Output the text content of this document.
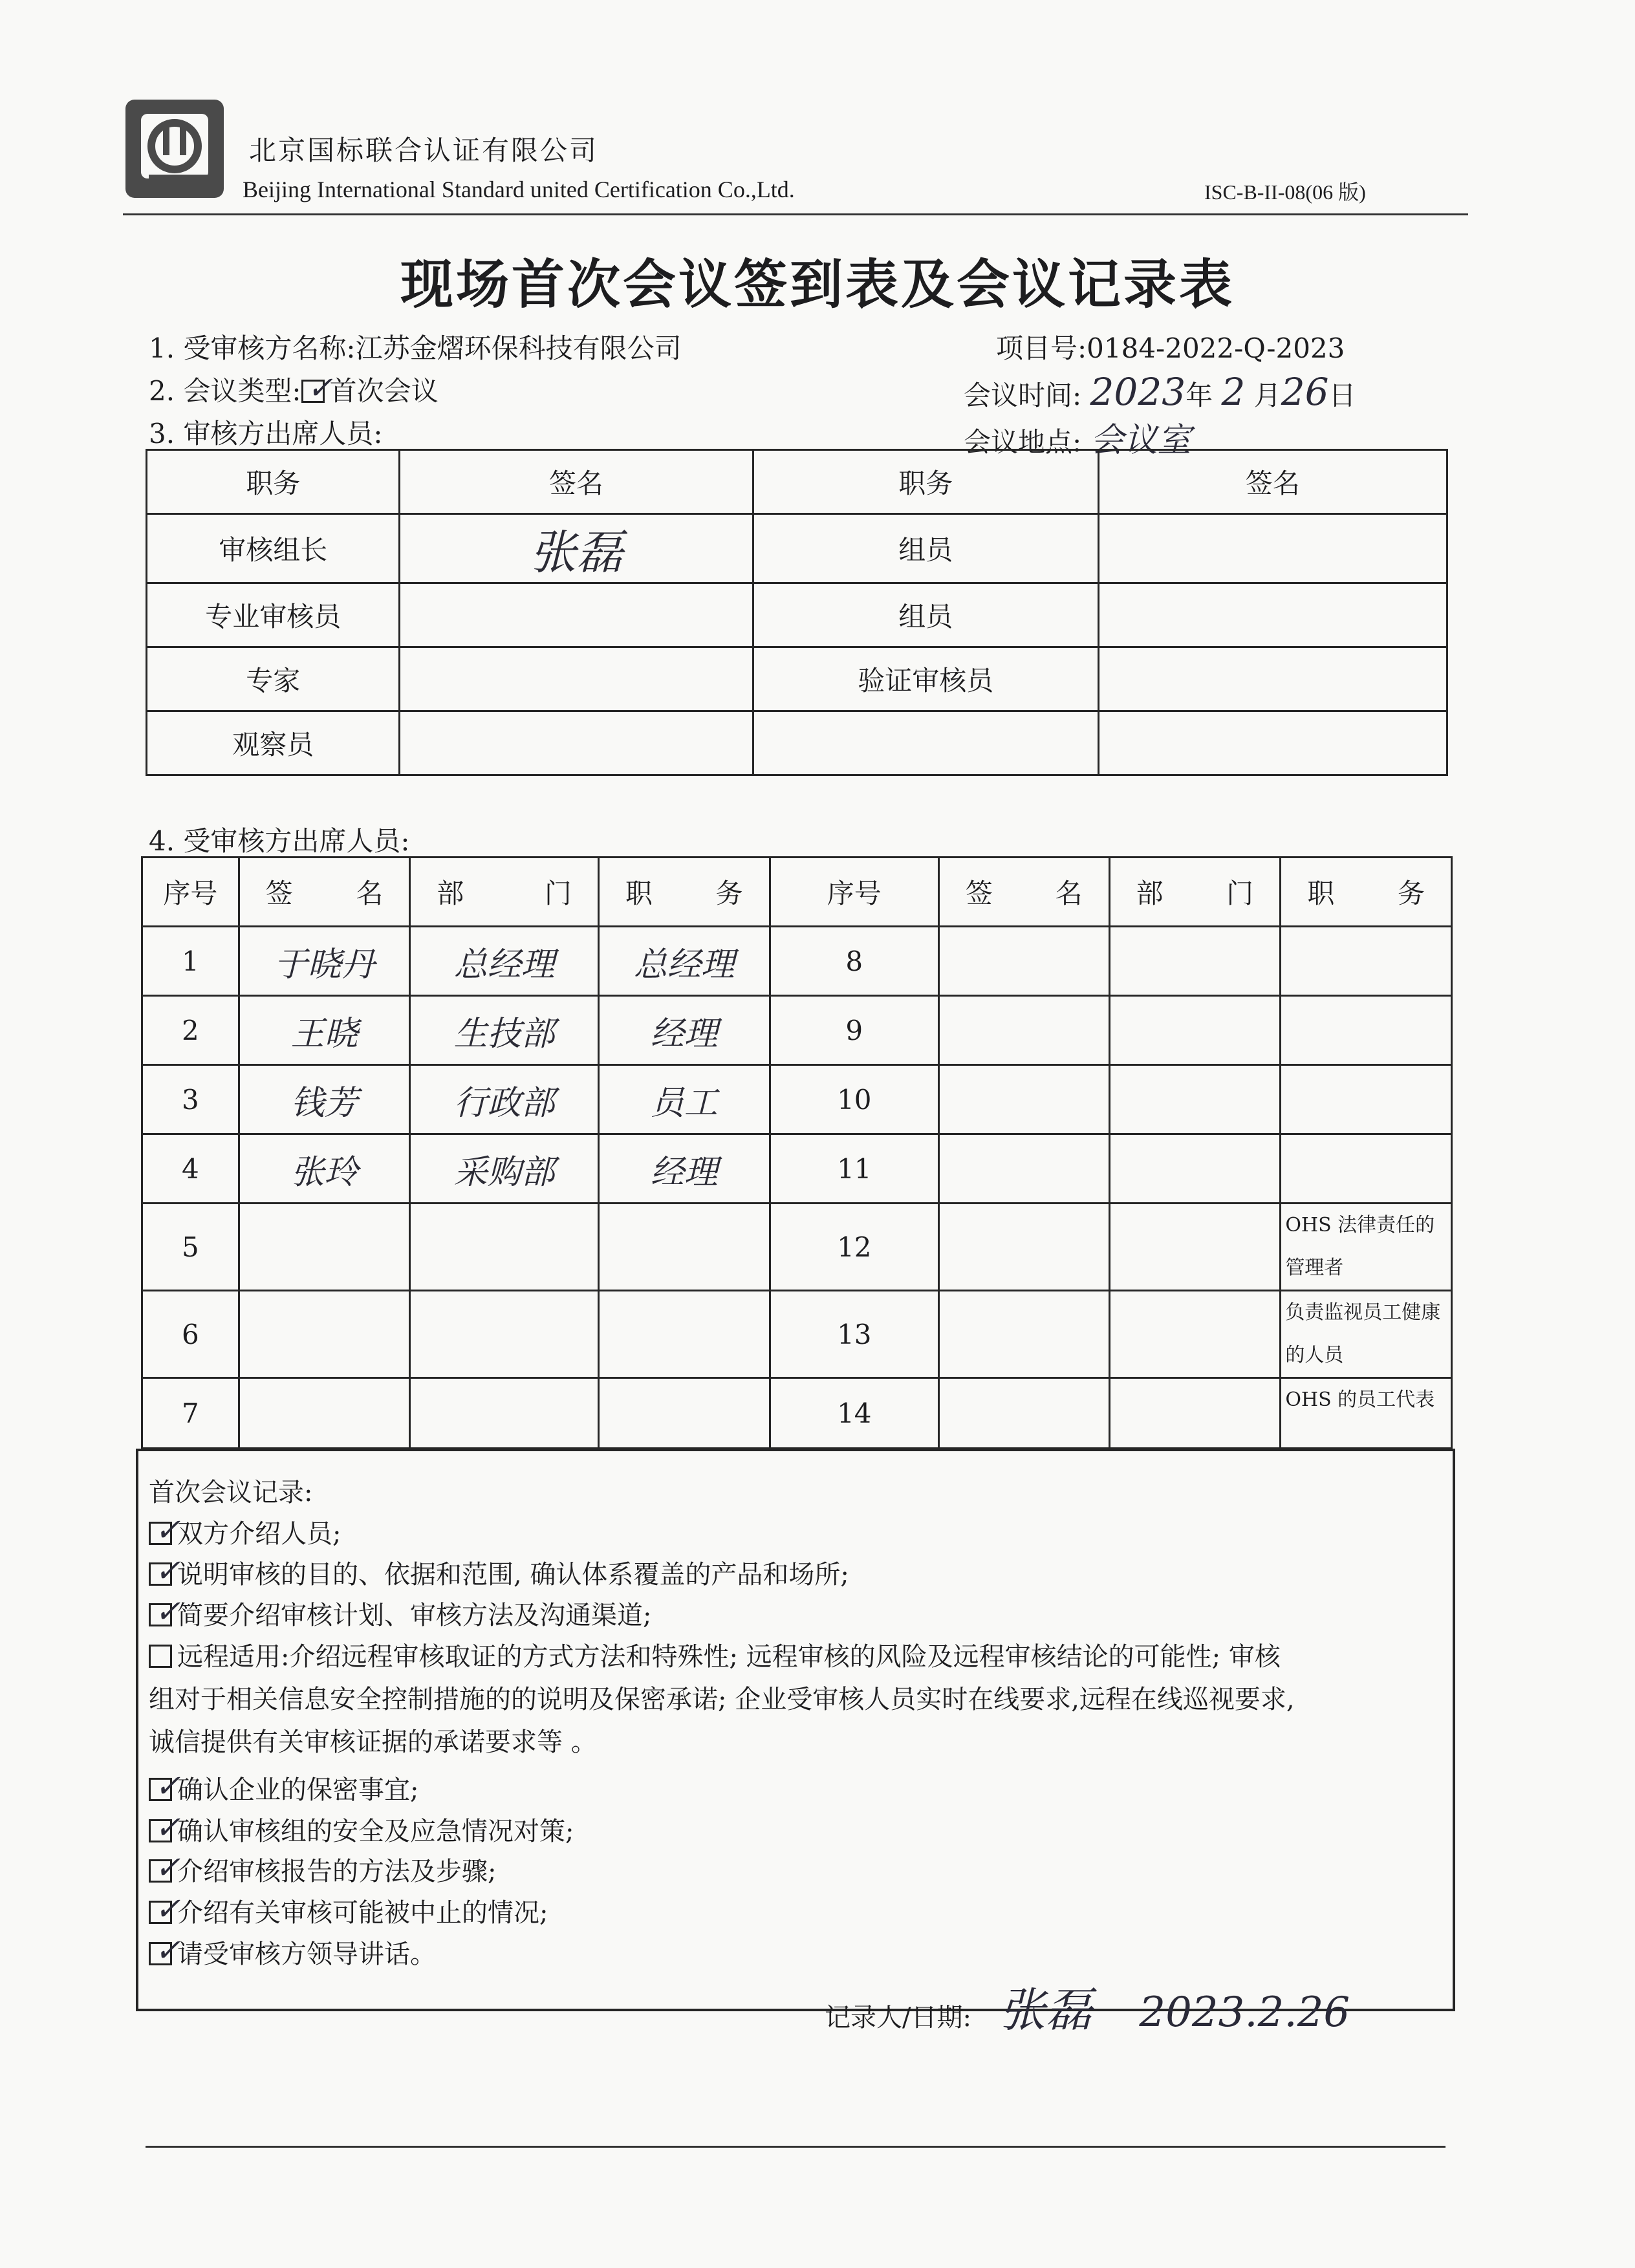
北京国标联合认证有限公司
Beijing International Standard united Certification Co.,Ltd.	ISC-B-II-08(06 版)
现场首次会议签到表及会议记录表
1. 受审核方名称:江苏金熠环保科技有限公司	项目号:0184-2022-Q-2023
2. 会议类型: ✓
首次会议	会议时间: 2023年 2 月26日
3. 审核方出席人员:	会议地点: 会议室
职务	签名	职务	签名
审核组长	张磊	组员	
专业审核员		组员	
专家		验证审核员	
观察员			
4. 受审核方出席人员:
序号	签名	部门	职务	序号	签名	部门	职务
1	于晓丹	总经理	总经理	8			
2	王晓	生技部	经理	9			
3	钱芳	行政部	员工	10			
4	张玲	采购部	经理	11			
5				12			OHS 法律责任的管理者
6				13			负责监视员工健康的人员
7				14			OHS 的员工代表
首次会议记录:
✓
双方介绍人员;
✓
说明审核的目的、依据和范围, 确认体系覆盖的产品和场所;
✓
简要介绍审核计划、审核方法及沟通渠道;
远程适用:介绍远程审核取证的方式方法和特殊性; 远程审核的风险及远程审核结论的可能性; 审核
组对于相关信息安全控制措施的的说明及保密承诺; 企业受审核人员实时在线要求,远程在线巡视要求,
诚信提供有关审核证据的承诺要求等 。
✓
确认企业的保密事宜;
✓
确认审核组的安全及应急情况对策;
✓
介绍审核报告的方法及步骤;
✓
介绍有关审核可能被中止的情况;
✓
请受审核方领导讲话。
记录人/日期: 张磊 2023.2.26
